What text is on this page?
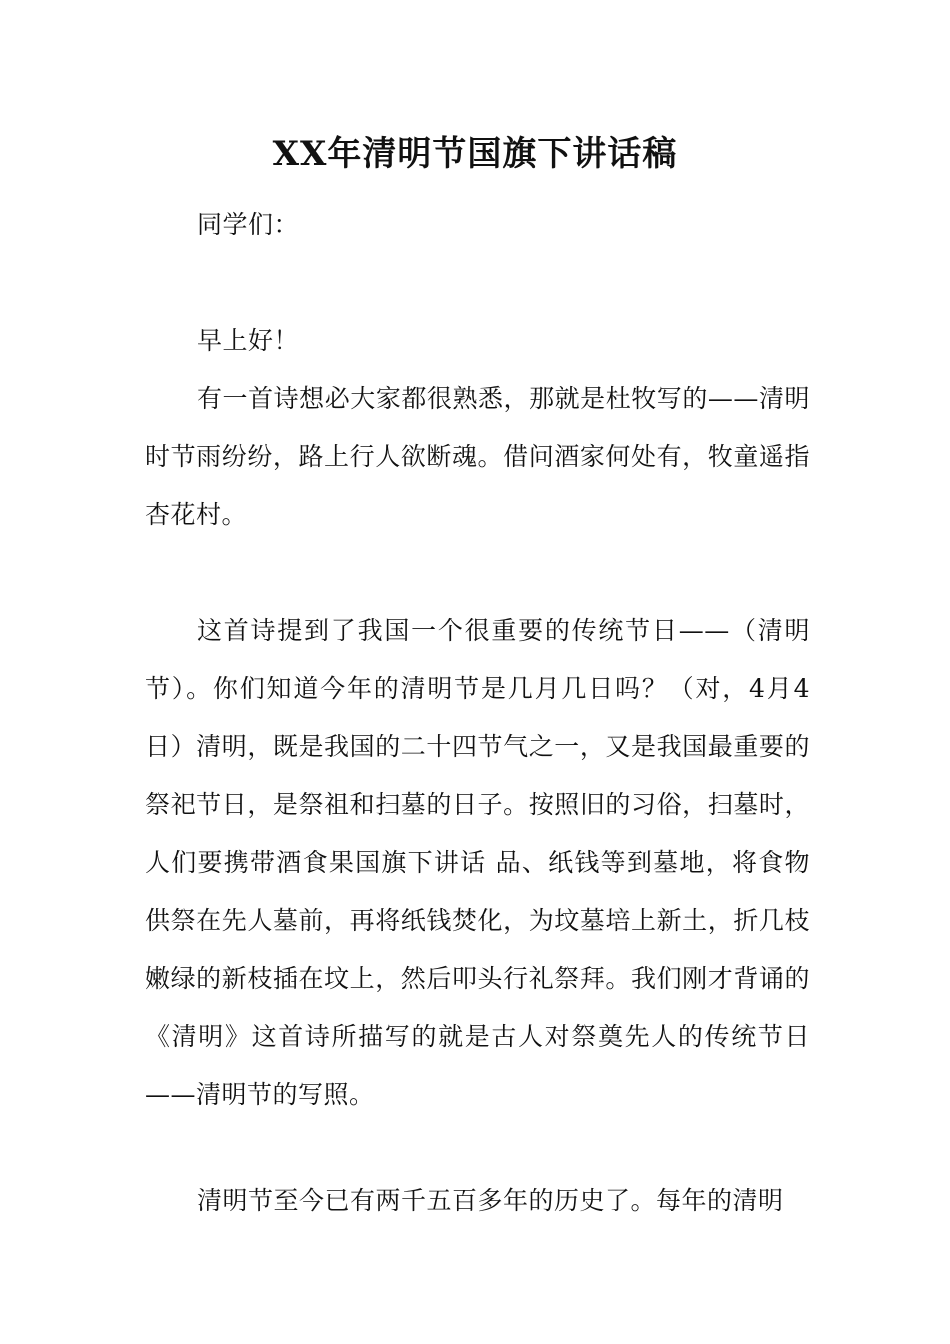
XX年清明节国旗下讲话稿

同学们：

早上好！

有一首诗想必大家都很熟悉，那就是杜牧写的——清明时节雨纷纷，路上行人欲断魂。借问酒家何处有，牧童遥指杏花村。

这首诗提到了我国一个很重要的传统节日——（清明节）。你们知道今年的清明节是几月几日吗？（对，4月4日）清明，既是我国的二十四节气之一，又是我国最重要的祭祀节日，是祭祖和扫墓的日子。按照旧的习俗，扫墓时，人们要携带酒食果国旗下讲话 品、纸钱等到墓地，将食物供祭在先人墓前，再将纸钱焚化，为坟墓培上新土，折几枝嫩绿的新枝插在坟上，然后叩头行礼祭拜。我们刚才背诵的《清明》这首诗所描写的就是古人对祭奠先人的传统节日——清明节的写照。

清明节至今已有两千五百多年的历史了。每年的清明
